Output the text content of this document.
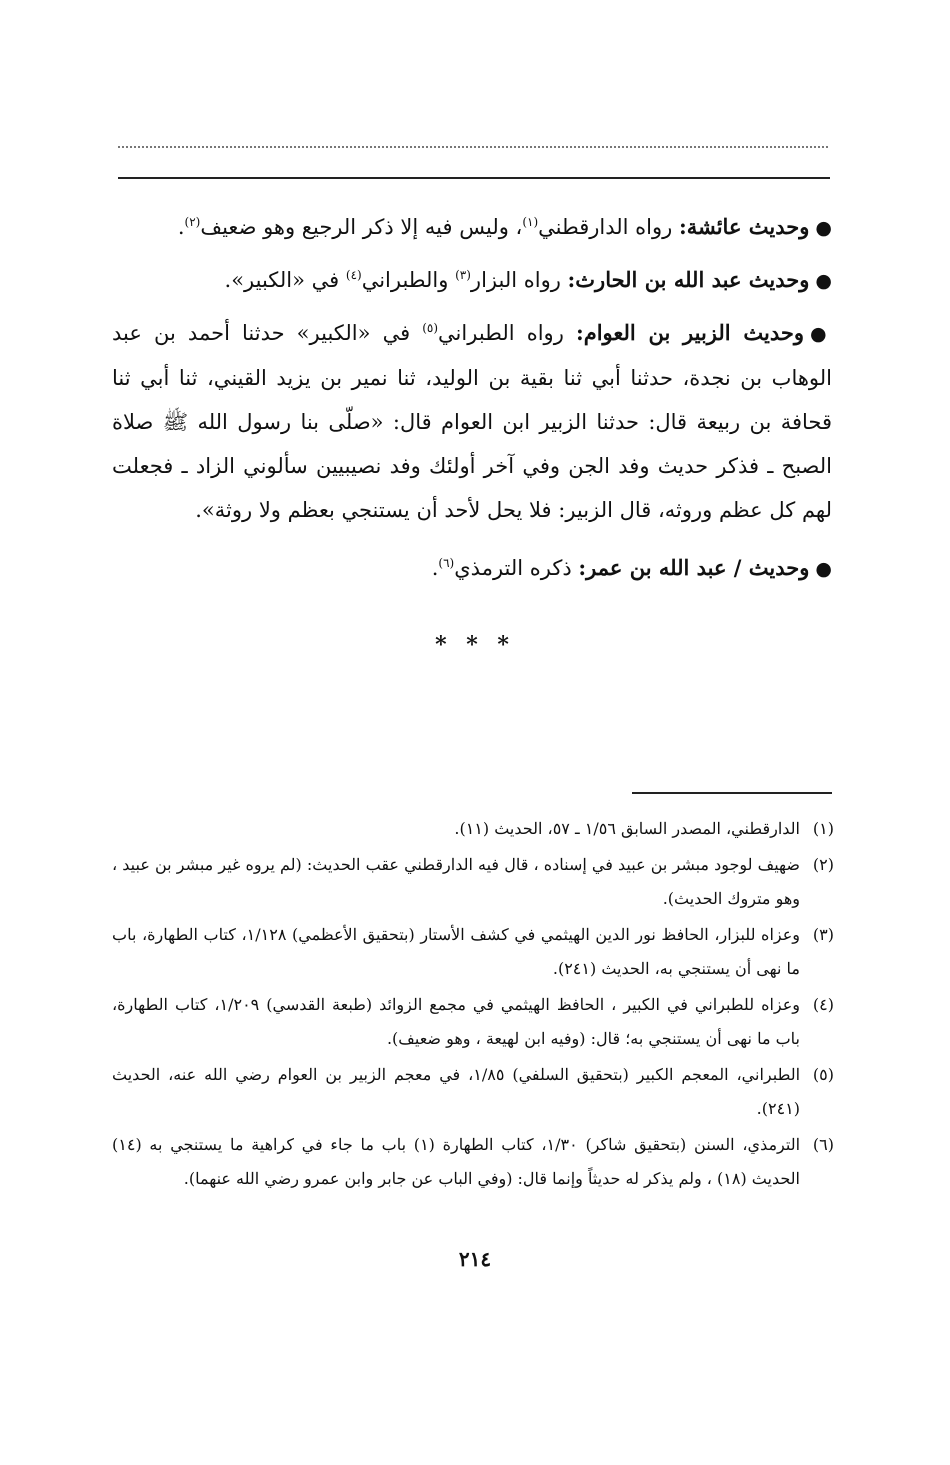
●وحديث عائشة: رواه الدارقطني$^{(١)}$، وليس فيه إلا ذكر الرجيع وهو ضعيف$^{(٢)}$.

●وحديث عبد الله بن الحارث: رواه البزار$^{(٣)}$ والطبراني$^{(٤)}$ في «الكبير».

●وحديث الزبير بن العوام: رواه الطبراني$^{(٥)}$ في «الكبير» حدثنا أحمد بن عبد الوهاب بن نجدة، حدثنا أبي ثنا بقية بن الوليد، ثنا نمير بن يزيد القيني، ثنا أبي ثنا قحافة بن ربيعة قال: حدثنا الزبير ابن العوام قال: «صلّى بنا رسول الله ﷺ صلاة الصبح ـ فذكر حديث وفد الجن وفي آخر أولئك وفد نصيبيين سألوني الزاد ـ فجعلت لهم كل عظم وروثه، قال الزبير: فلا يحل لأحد أن يستنجي بعظم ولا روثة».

●وحديث / عبد الله بن عمر: ذكره الترمذي$^{(٦)}$.

* * *
(١)
الدارقطني، المصدر السابق ١/٥٦ ـ ٥٧، الحديث (١١).
(٢)
ضهيف لوجود مبشر بن عبيد في إسناده ، قال فيه الدارقطني عقب الحديث: (لم يروه غير مبشر بن عبيد ، وهو متروك الحديث).
(٣)
وعزاه للبزار، الحافظ نور الدين الهيثمي في كشف الأستار (بتحقيق الأعظمي) ١/١٢٨، كتاب الطهارة، باب ما نهى أن يستنجي به، الحديث (٢٤١).
(٤)
وعزاه للطبراني في الكبير ، الحافظ الهيثمي في مجمع الزوائد (طبعة القدسي) ١/٢٠٩، كتاب الطهارة، باب ما نهى أن يستنجي به؛ قال: (وفيه ابن لهيعة ، وهو ضعيف).
(٥)
الطبراني، المعجم الكبير (بتحقيق السلفي) ١/٨٥، في معجم الزبير بن العوام رضي الله عنه، الحديث (٢٤١).
(٦)
الترمذي، السنن (بتحقيق شاكر) ١/٣٠، كتاب الطهارة (١) باب ما جاء في كراهية ما يستنجي به (١٤) الحديث (١٨) ، ولم يذكر له حديثاً وإنما قال: (وفي الباب عن جابر وابن عمرو رضي الله عنهما).
٢١٤
